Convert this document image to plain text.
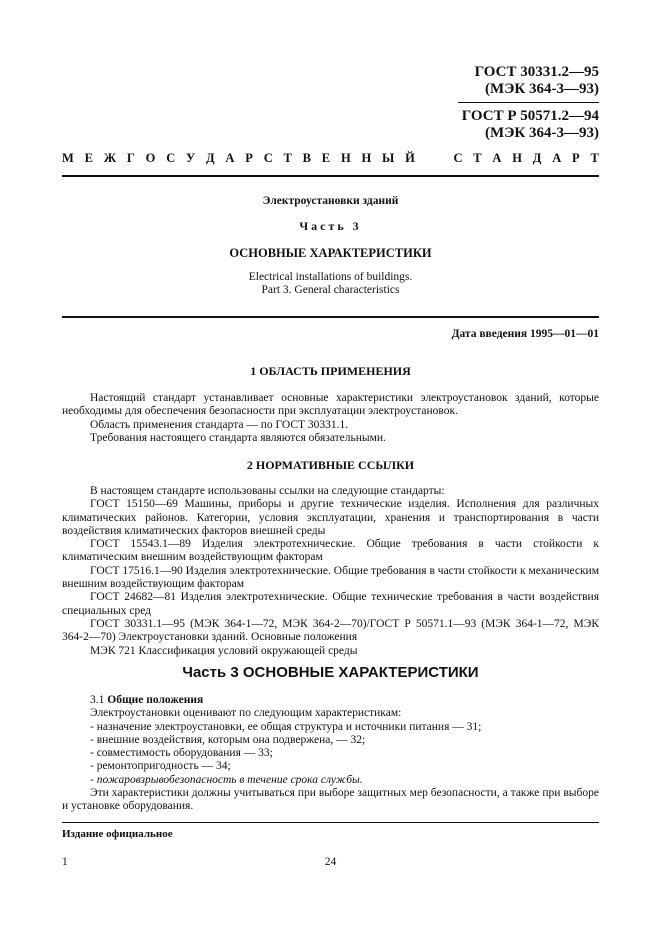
ГОСТ 30331.2—95
(МЭК 364-3—93)
ГОСТ Р 50571.2—94
(МЭК 364-3—93)
М Е Ж Г О С У Д А Р С Т В Е Н Н Ы Й

	С Т А Н Д А Р Т
Электроустановки зданий
Часть 3
ОСНОВНЫЕ ХАРАКТЕРИСТИКИ
Electrical installations of buildings.
Part 3. General characteristics
Дата введения 1995—01—01
1 ОБЛАСТЬ ПРИМЕНЕНИЯ
Настоящий стандарт устанавливает основные характеристики электроустановок зданий, которые необходимы для обеспечения безопасности при эксплуатации электроустановок.
Область применения стандарта — по ГОСТ 30331.1.
Требования настоящего стандарта являются обязательными.
2 НОРМАТИВНЫЕ ССЫЛКИ
В настоящем стандарте использованы ссылки на следующие стандарты:
ГОСТ 15150—69 Машины, приборы и другие технические изделия. Исполнения для различных климатических районов. Категории, условия эксплуатации, хранения и транспортирования в части воздействия климатических факторов внешней среды
ГОСТ 15543.1—89 Изделия электротехнические. Общие требования в части стойкости к климатическим внешним воздействующим факторам
ГОСТ 17516.1—90 Изделия электротехнические. Общие требования в части стойкости к механическим внешним воздействующим факторам
ГОСТ 24682—81 Изделия электротехнические. Общие технические требования в части воздействия специальных сред
ГОСТ 30331.1—95 (МЭК 364-1—72, МЭК 364-2—70)/ГОСТ Р 50571.1—93 (МЭК 364-1—72, МЭК 364-2—70) Электроустановки зданий. Основные положения
МЭК 721 Классификация условий окружающей среды
Часть 3 ОСНОВНЫЕ ХАРАКТЕРИСТИКИ
3.1 Общие положения
Электроустановки оценивают по следующим характеристикам:
- назначение электроустановки, ее общая структура и источники питания — 31;
- внешние воздействия, которым она подвержена, — 32;
- совместимость оборудования — 33;
- ремонтопригодность — 34;
- пожаровзрывобезопасность в течение срока службы.
Эти характеристики должны учитываться при выборе защитных мер безопасности, а также при выборе и установке оборудования.
Издание официальное
1	24
